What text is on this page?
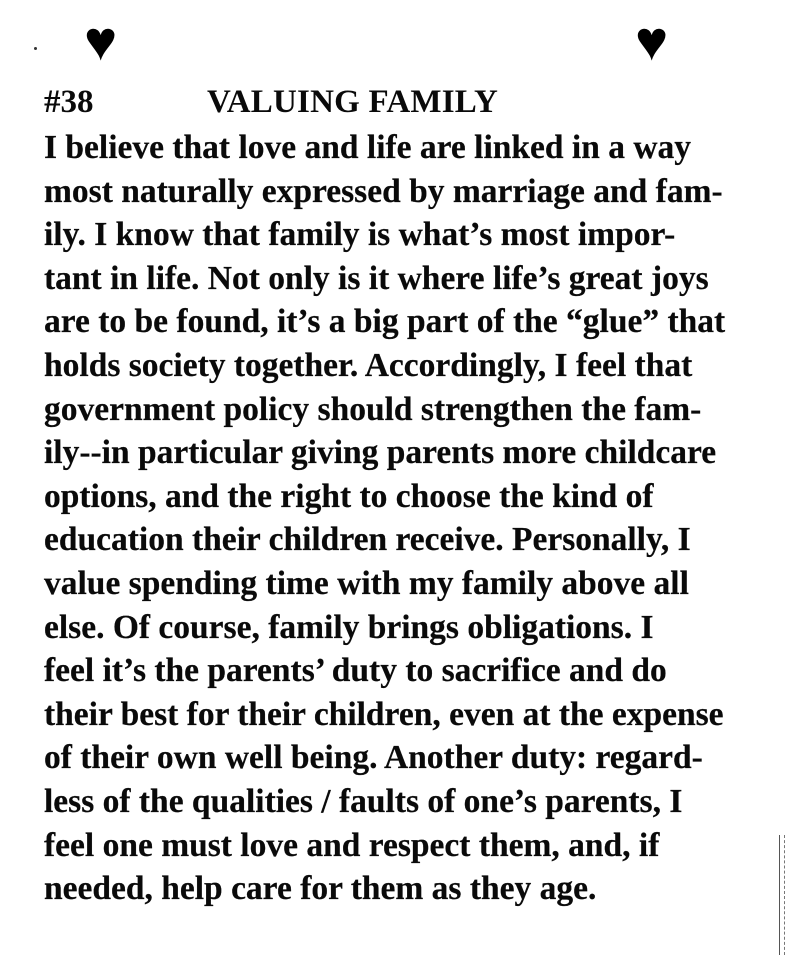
♥	♥
#38	VALUING FAMILY
I believe that love and life are linked in a way
most naturally expressed by marriage and fam-
ily. I know that family is what’s most impor-
tant in life. Not only is it where life’s great joys
are to be found, it’s a big part of the “glue” that
holds society together. Accordingly, I feel that
government policy should strengthen the fam-
ily--in particular giving parents more childcare
options, and the right to choose the kind of
education their children receive. Personally, I
value spending time with my family above all
else. Of course, family brings obligations. I
feel it’s the parents’ duty to sacrifice and do
their best for their children, even at the expense
of their own well being. Another duty: regard-
less of the qualities / faults of one’s parents, I
feel one must love and respect them, and, if
needed, help care for them as they age.
